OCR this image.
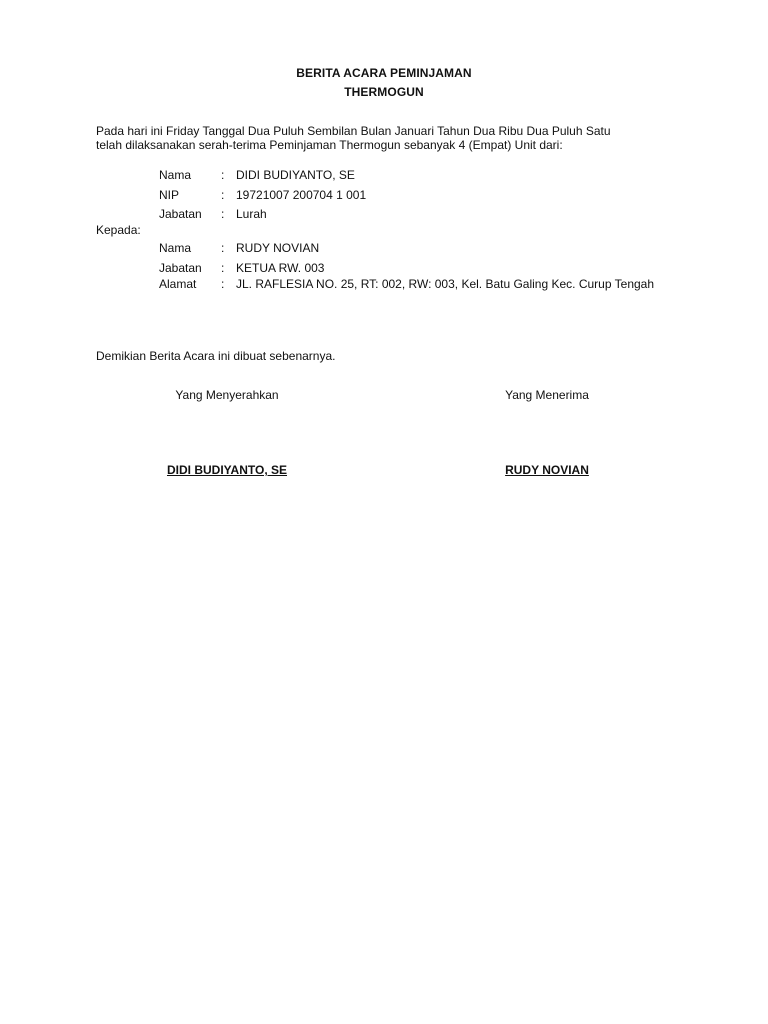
BERITA ACARA PEMINJAMAN
THERMOGUN
Pada hari ini Friday Tanggal Dua Puluh Sembilan Bulan Januari Tahun Dua Ribu Dua Puluh Satu
telah dilaksanakan serah-terima Peminjaman Thermogun sebanyak 4 (Empat) Unit dari:
Nama : DIDI BUDIYANTO, SE
NIP	: 19721007 200704 1 001
Jabatan : Lurah
Kepada:
Nama : RUDY NOVIAN
Jabatan : KETUA RW. 003
Alamat : JL. RAFLESIA NO. 25, RT: 002, RW: 003, Kel. Batu Galing Kec. Curup Tengah
Demikian Berita Acara ini dibuat sebenarnya.
Yang Menyerahkan	Yang Menerima
DIDI BUDIYANTO, SE	RUDY NOVIAN
